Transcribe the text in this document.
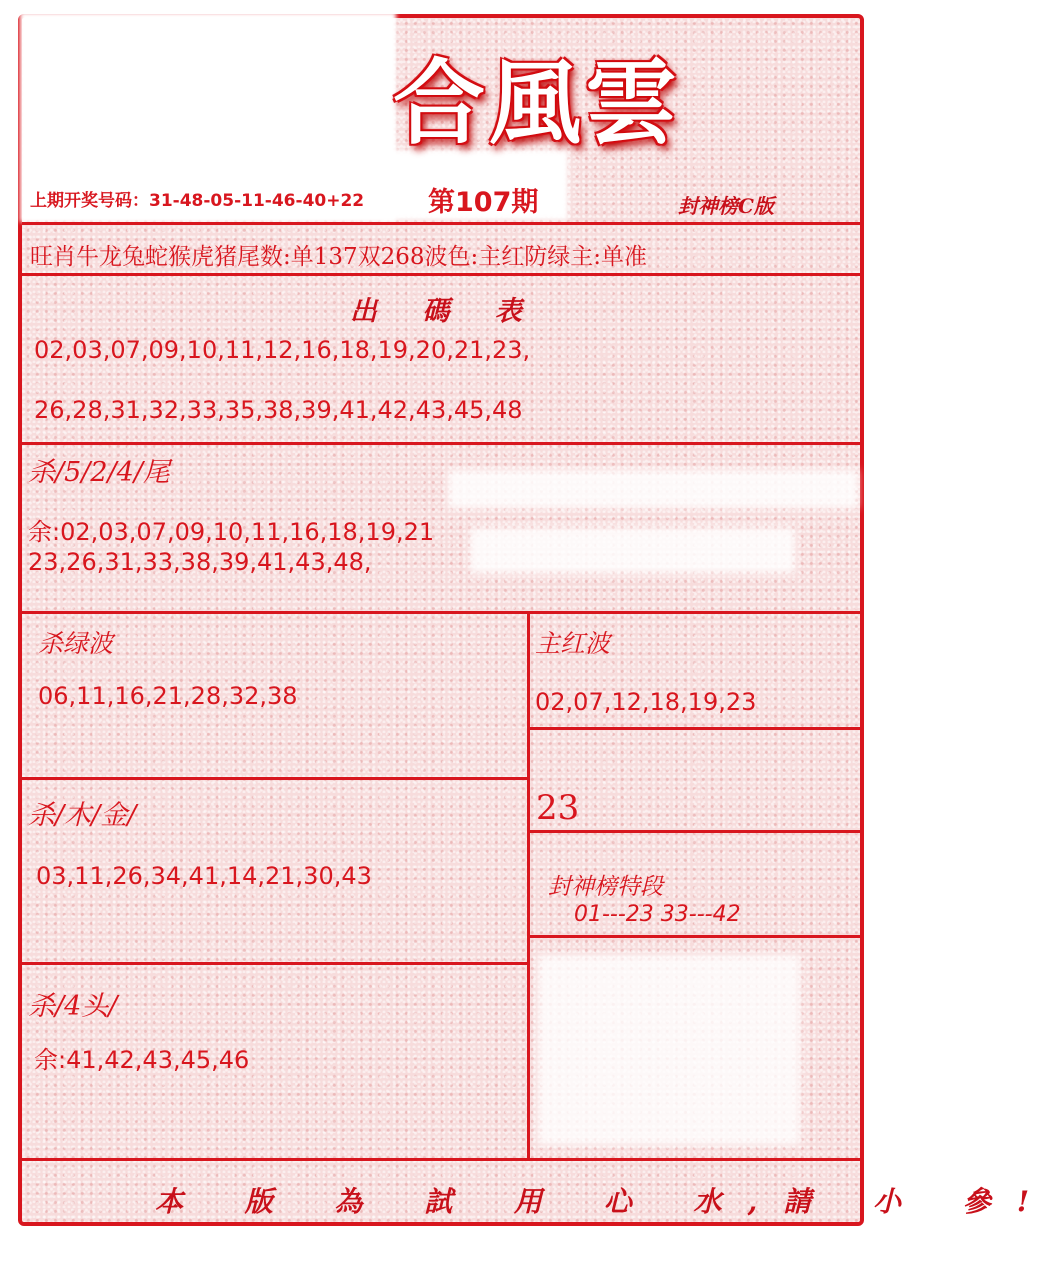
合風雲
封神榜C版
上期开奖号码：31-48-05-11-46-40+22 第107期
旺肖牛龙兔蛇猴虎猪尾数:单137双268波色:主红防绿主:单准
出 碼 表
02,03,07,09,10,11,12,16,18,19,20,21,23,
26,28,31,32,33,35,38,39,41,42,43,45,48
杀/5/2/4/尾
余:02,03,07,09,10,11,16,18,19,21
23,26,31,33,38,39,41,43,48,
杀绿波
06,11,16,21,28,32,38
主红波
02,07,12,18,19,23
杀/木/金/
03,11,26,34,41,14,21,30,43
23
封神榜特段
01---23 33---42
杀/4头/
余:41,42,43,45,46
本 版 為 試 用 心 水,請 小 參!
